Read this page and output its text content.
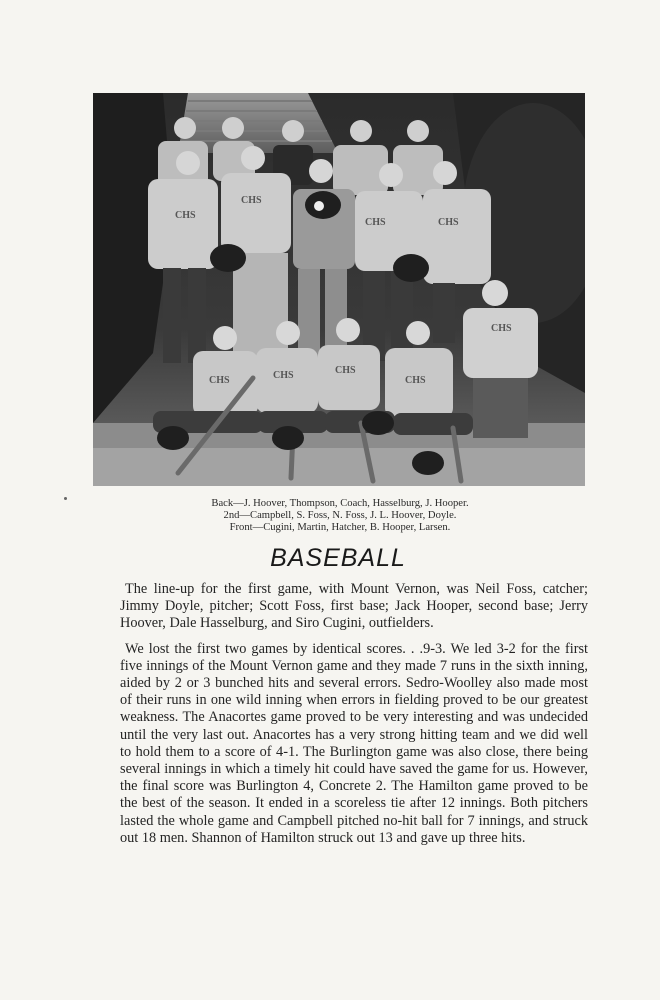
CHS
CHS
CHS	CHS
CHS
CHS	CHS	CHS
CHS
Back—J. Hoover, Thompson, Coach, Hasselburg, J. Hooper.
2nd—Campbell, S. Foss, N. Foss, J. L. Hoover, Doyle.
Front—Cugini, Martin, Hatcher, B. Hooper, Larsen.
BASEBALL

The line-up for the first game, with Mount Vernon, was Neil Foss, catcher; Jimmy Doyle, pitcher; Scott Foss, first base; Jack Hooper, second base; Jerry Hoover, Dale Hasselburg, and Siro Cugini, outfielders.

We lost the first two games by identical scores. . .9-3. We led 3-2 for the first five innings of the Mount Vernon game and they made 7 runs in the sixth inning, aided by 2 or 3 bunched hits and several errors. Sedro-Woolley also made most of their runs in one wild inning when errors in fielding proved to be our greatest weakness. The Anacortes game proved to be very interesting and was undecided until the very last out. Anacortes has a very strong hitting team and we did well to hold them to a score of 4-1. The Burlington game was also close, there being several innings in which a timely hit could have saved the game for us. However, the final score was Burlington 4, Concrete 2. The Hamilton game proved to be the best of the season. It ended in a scoreless tie after 12 innings. Both pitchers lasted the whole game and Campbell pitched no-hit ball for 7 innings, and struck out 18 men. Shannon of Hamilton struck out 13 and gave up three hits.
